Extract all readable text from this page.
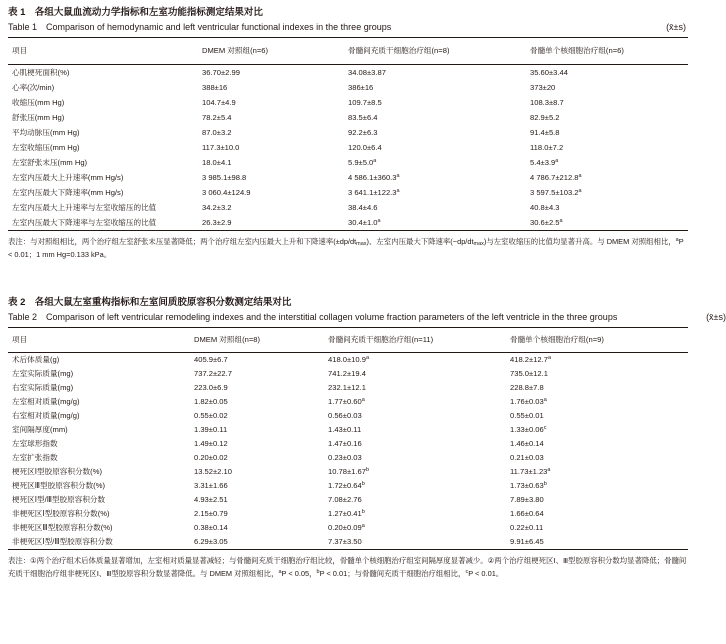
表 1　各组大鼠血流动力学指标和左室功能指标测定结果对比
Table 1　Comparison of hemodynamic and left ventricular functional indexes in the three groups	(x̄±s)
项目	DMEM 对照组(n=6)	骨髓间充质干细胞治疗组(n=8)	骨髓单个核细胞治疗组(n=6)
心肌梗死面积(%)	36.70±2.99	34.08±3.87	35.60±3.44
心率(次/min)	388±16	386±16	373±20
收缩压(mm Hg)	104.7±4.9	109.7±8.5	108.3±8.7
舒张压(mm Hg)	78.2±5.4	83.5±6.4	82.9±5.2
平均动脉压(mm Hg)	87.0±3.2	92.2±6.3	91.4±5.8
左室收缩压(mm Hg)	117.3±10.0	120.0±6.4	118.0±7.2
左室舒张末压(mm Hg)	18.0±4.1	5.9±5.0$^a$	5.4±3.9$^a$
左室内压最大上升速率(mm Hg/s)	3 985.1±98.8	4 586.1±360.3$^a$	4 786.7±212.8$^a$
左室内压最大下降速率(mm Hg/s)	3 060.4±124.9	3 641.1±122.3$^a$	3 597.5±103.2$^a$
左室内压最大上升速率与左室收缩压的比值	34.2±3.2	38.4±4.6	40.8±4.3
左室内压最大下降速率与左室收缩压的比值	26.3±2.9	30.4±1.0$^a$	30.6±2.5$^a$
表注：与对照组相比，两个治疗组左室舒张末压显著降低；两个治疗组左室内压最大上升和下降速率$(\pm dp/dt_{max})$、左室内压最大下降速率$(-dp/dt_{max})$与左室收缩压的比值均显著升高。与 DMEM 对照组相比，$^a$P < 0.01；1 mm Hg=0.133 kPa。
表 2　各组大鼠左室重构指标和左室间质胶原容积分数测定结果对比
Table 2　Comparison of left ventricular remodeling indexes and the interstitial collagen volume fraction parameters of the left ventricle in the three groups	(x̄±s)
项目	DMEM 对照组(n=8)	骨髓间充质干细胞治疗组(n=11)	骨髓单个核细胞治疗组(n=9)
术后体质量(g)	405.9±6.7	418.0±10.9$^a$	418.2±12.7$^a$
左室实际质量(mg)	737.2±22.7	741.2±19.4	735.0±12.1
右室实际质量(mg)	223.0±6.9	232.1±12.1	228.8±7.8
左室相对质量(mg/g)	1.82±0.05	1.77±0.60$^a$	1.76±0.03$^a$
右室相对质量(mg/g)	0.55±0.02	0.56±0.03	0.55±0.01
室间隔厚度(mm)	1.39±0.11	1.43±0.11	1.33±0.06$^c$
左室球形指数	1.49±0.12	1.47±0.16	1.46±0.14
左室扩张指数	0.20±0.02	0.23±0.03	0.21±0.03
梗死区Ⅰ型胶原容积分数(%)	13.52±2.10	10.78±1.67$^b$	11.73±1.23$^a$
梗死区Ⅲ型胶原容积分数(%)	3.31±1.66	1.72±0.64$^b$	1.73±0.63$^b$
梗死区Ⅰ型/Ⅲ型胶原容积分数	4.93±2.51	7.08±2.76	7.89±3.80
非梗死区Ⅰ型胶原容积分数(%)	2.15±0.79	1.27±0.41$^b$	1.66±0.64
非梗死区Ⅲ型胶原容积分数(%)	0.38±0.14	0.20±0.09$^a$	0.22±0.11
非梗死区Ⅰ型/Ⅲ型胶原容积分数	6.29±3.05	7.37±3.50	9.91±6.45
表注：①两个治疗组术后体质量显著增加，左室相对质量显著减轻；与骨髓间充质干细胞治疗组比较，骨髓单个核细胞治疗组室间隔厚度显著减少。②两个治疗组梗死区Ⅰ、Ⅲ型胶原容积分数均显著降低；骨髓间充质干细胞治疗组非梗死区Ⅰ、Ⅲ型胶原容积分数显著降低。与 DMEM 对照组相比，$^a$P < 0.05，$^b$P < 0.01；与骨髓间充质干细胞治疗组相比，$^c$P < 0.01。
